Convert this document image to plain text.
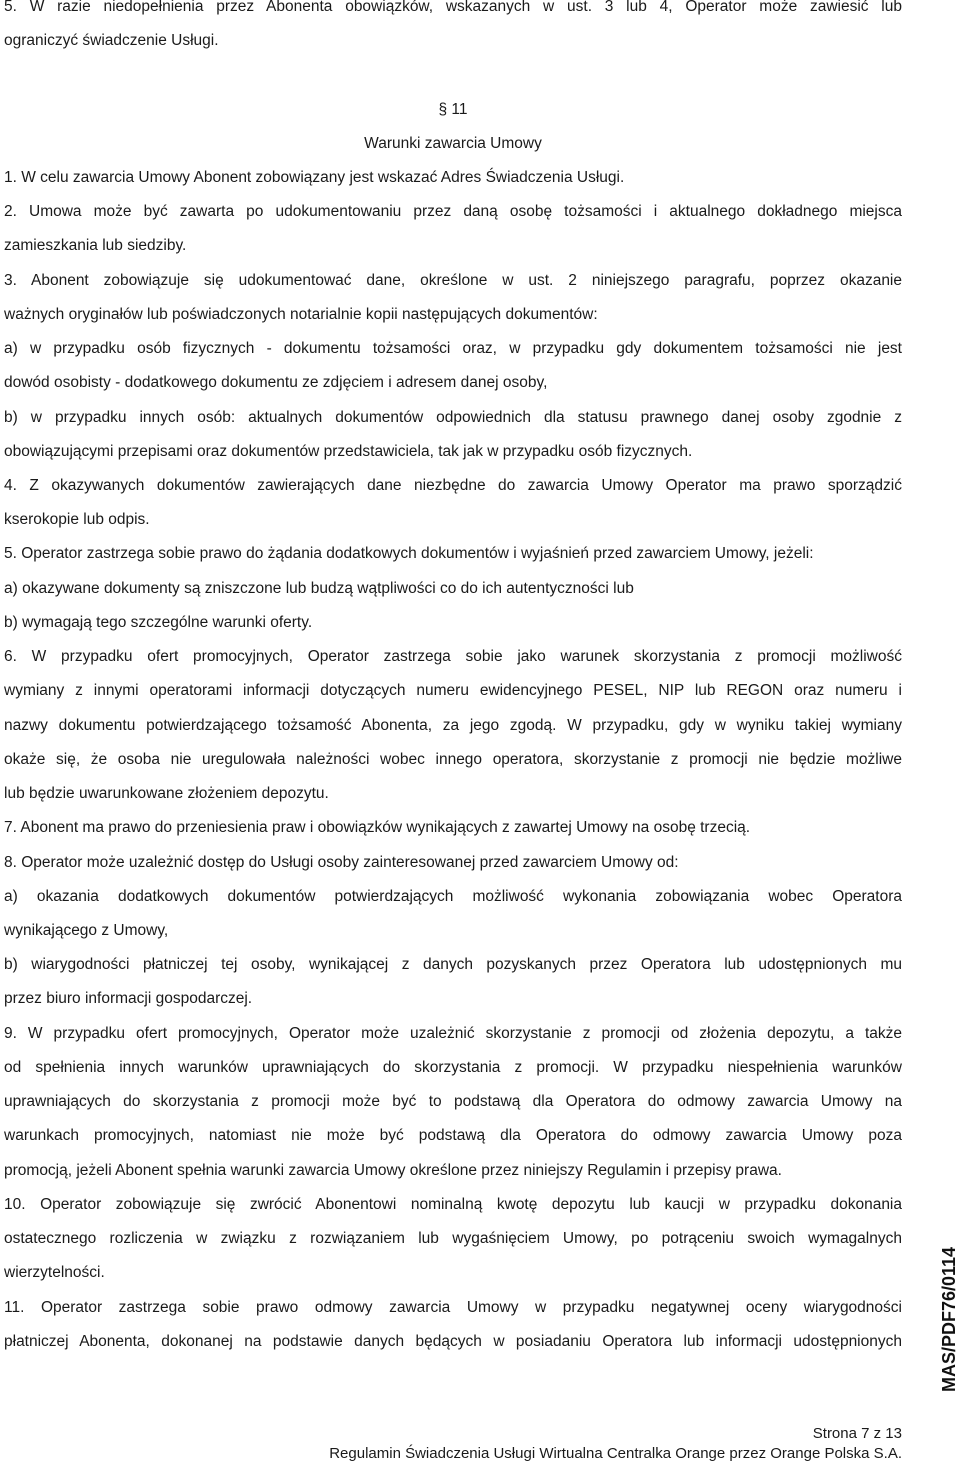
5. W razie niedopełnienia przez Abonenta obowiązków, wskazanych w ust. 3 lub 4, Operator może zawiesić lub
ograniczyć świadczenie Usługi.
§ 11
Warunki zawarcia Umowy
1. W celu zawarcia Umowy Abonent zobowiązany jest wskazać Adres Świadczenia Usługi.
2. Umowa może być zawarta po udokumentowaniu przez daną osobę tożsamości i aktualnego dokładnego miejsca
zamieszkania lub siedziby.
3. Abonent zobowiązuje się udokumentować dane, określone w ust. 2 niniejszego paragrafu, poprzez okazanie
ważnych oryginałów lub poświadczonych notarialnie kopii następujących dokumentów:
a) w przypadku osób fizycznych - dokumentu tożsamości oraz, w przypadku gdy dokumentem tożsamości nie jest
dowód osobisty - dodatkowego dokumentu ze zdjęciem i adresem danej osoby,
b) w przypadku innych osób: aktualnych dokumentów odpowiednich dla statusu prawnego danej osoby zgodnie z
obowiązującymi przepisami oraz dokumentów przedstawiciela, tak jak w przypadku osób fizycznych.
4. Z okazywanych dokumentów zawierających dane niezbędne do zawarcia Umowy Operator ma prawo sporządzić
kserokopie lub odpis.
5. Operator zastrzega sobie prawo do żądania dodatkowych dokumentów i wyjaśnień przed zawarciem Umowy, jeżeli:
a) okazywane dokumenty są zniszczone lub budzą wątpliwości co do ich autentyczności lub
b) wymagają tego szczególne warunki oferty.
6. W przypadku ofert promocyjnych, Operator zastrzega sobie jako warunek skorzystania z promocji możliwość
wymiany z innymi operatorami informacji dotyczących numeru ewidencyjnego PESEL, NIP lub REGON oraz numeru i
nazwy dokumentu potwierdzającego tożsamość Abonenta, za jego zgodą. W przypadku, gdy w wyniku takiej wymiany
okaże się, że osoba nie uregulowała należności wobec innego operatora, skorzystanie z promocji nie będzie możliwe
lub będzie uwarunkowane złożeniem depozytu.
7. Abonent ma prawo do przeniesienia praw i obowiązków wynikających z zawartej Umowy na osobę trzecią.
8. Operator może uzależnić dostęp do Usługi osoby zainteresowanej przed zawarciem Umowy od:
a) okazania dodatkowych dokumentów potwierdzających możliwość wykonania zobowiązania wobec Operatora
wynikającego z Umowy,
b) wiarygodności płatniczej tej osoby, wynikającej z danych pozyskanych przez Operatora lub udostępnionych mu
przez biuro informacji gospodarczej.
9. W przypadku ofert promocyjnych, Operator może uzależnić skorzystanie z promocji od złożenia depozytu, a także
od spełnienia innych warunków uprawniających do skorzystania z promocji. W przypadku niespełnienia warunków
uprawniających do skorzystania z promocji może być to podstawą dla Operatora do odmowy zawarcia Umowy na
warunkach promocyjnych, natomiast nie może być podstawą dla Operatora do odmowy zawarcia Umowy poza
promocją, jeżeli Abonent spełnia warunki zawarcia Umowy określone przez niniejszy Regulamin i przepisy prawa.
10. Operator zobowiązuje się zwrócić Abonentowi nominalną kwotę depozytu lub kaucji w przypadku dokonania
ostatecznego rozliczenia w związku z rozwiązaniem lub wygaśnięciem Umowy, po potrąceniu swoich wymagalnych
wierzytelności.
11. Operator zastrzega sobie prawo odmowy zawarcia Umowy w przypadku negatywnej oceny wiarygodności
płatniczej Abonenta, dokonanej na podstawie danych będących w posiadaniu Operatora lub informacji udostępnionych
Strona 7 z 13
Regulamin Świadczenia Usługi Wirtualna Centralka Orange przez Orange Polska S.A.
MAS/PDF76/0114
